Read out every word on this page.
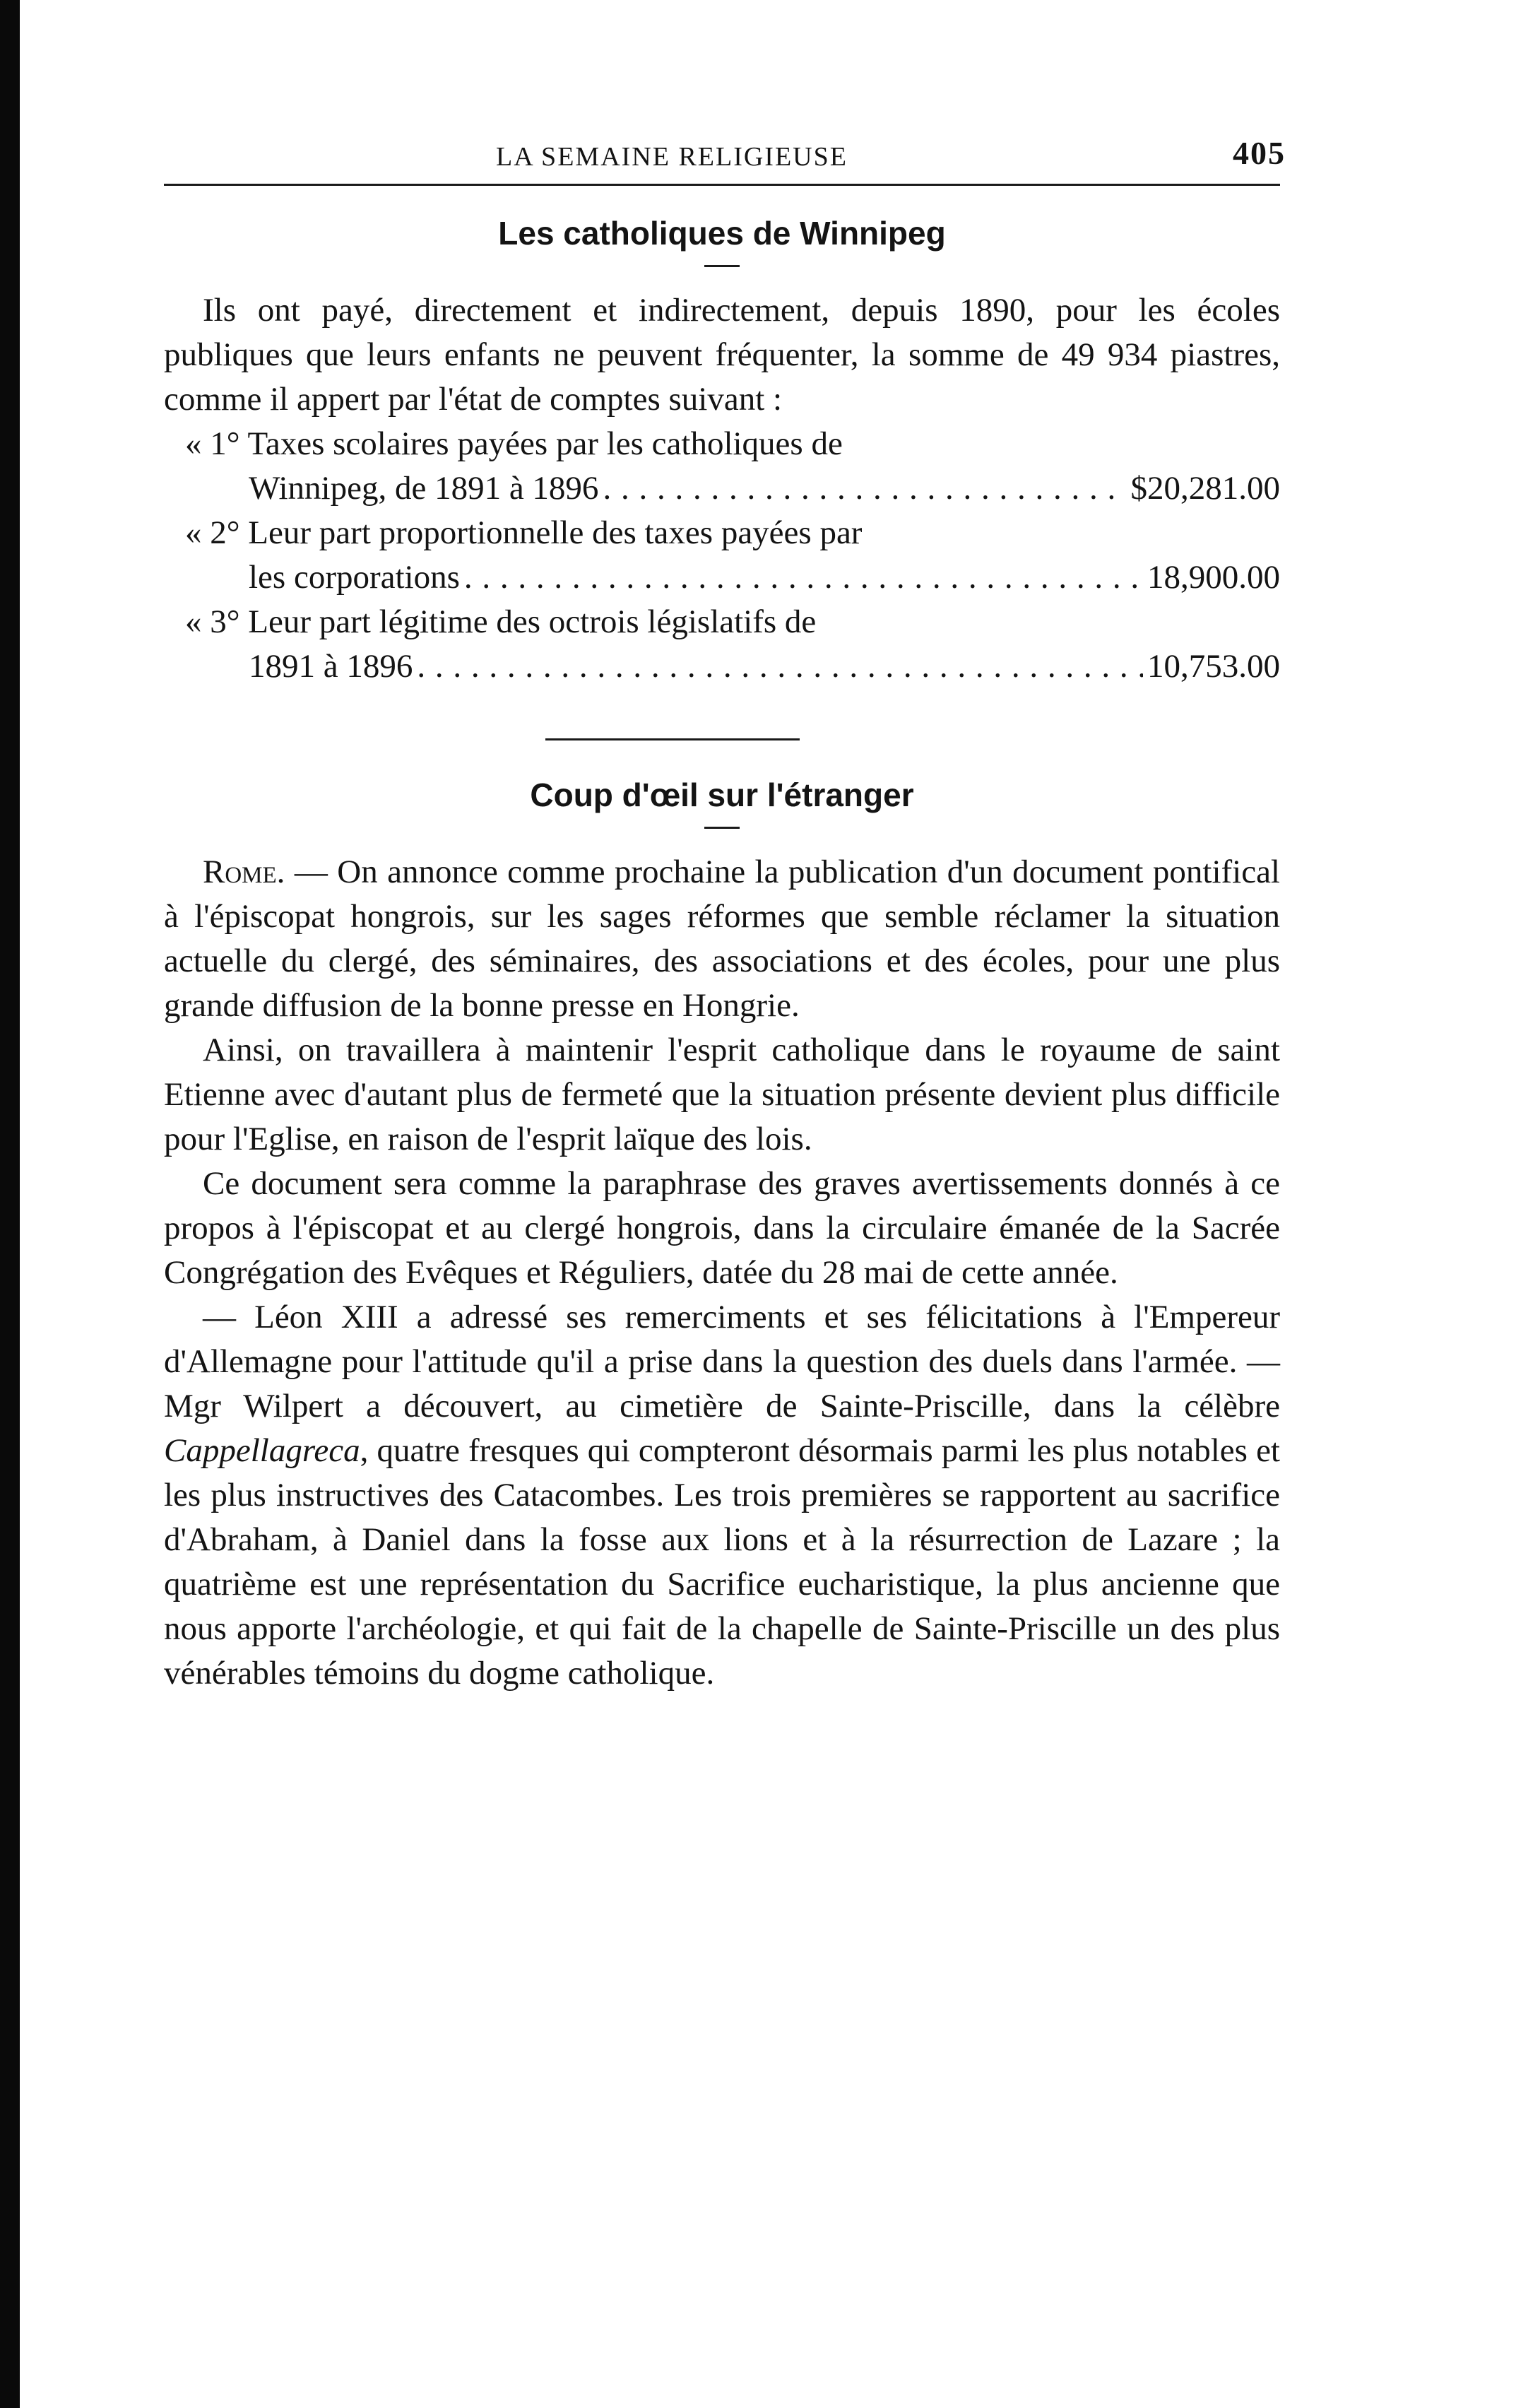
LA SEMAINE RELIGIEUSE	405
Les catholiques de Winnipeg

Ils ont payé, directement et indirectement, depuis 1890, pour les écoles publiques que leurs enfants ne peuvent fréquenter, la somme de 49 934 piastres, comme il appert par l'état de comptes suivant :

« 1° Taxes scolaires payées par les catholiques de
Winnipeg, de 1891 à 1896 . . .	$20,281.00
« 2° Leur part proportionnelle des taxes payées par
les corporations . . .	18,900.00
« 3° Leur part légitime des octrois législatifs de
1891 à 1896 . . .	10,753.00
Coup d'œil sur l'étranger

Rome. — On annonce comme prochaine la publication d'un document pontifical à l'épiscopat hongrois, sur les sages réformes que semble réclamer la situation actuelle du clergé, des séminaires, des associations et des écoles, pour une plus grande diffusion de la bonne presse en Hongrie.

Ainsi, on travaillera à maintenir l'esprit catholique dans le royaume de saint Etienne avec d'autant plus de fermeté que la situation présente devient plus difficile pour l'Eglise, en raison de l'esprit laïque des lois.

Ce document sera comme la paraphrase des graves avertissements donnés à ce propos à l'épiscopat et au clergé hongrois, dans la circulaire émanée de la Sacrée Congrégation des Evêques et Réguliers, datée du 28 mai de cette année.

— Léon XIII a adressé ses remerciments et ses félicitations à l'Empereur d'Allemagne pour l'attitude qu'il a prise dans la question des duels dans l'armée. — Mgr Wilpert a découvert, au cimetière de Sainte-Priscille, dans la célèbre Cappellagreca, quatre fresques qui compteront désormais parmi les plus notables et les plus instructives des Catacombes. Les trois premières se rapportent au sacrifice d'Abraham, à Daniel dans la fosse aux lions et à la résurrection de Lazare ; la quatrième est une représentation du Sacrifice eucharistique, la plus ancienne que nous apporte l'archéologie, et qui fait de la chapelle de Sainte-Priscille un des plus vénérables témoins du dogme catholique.
